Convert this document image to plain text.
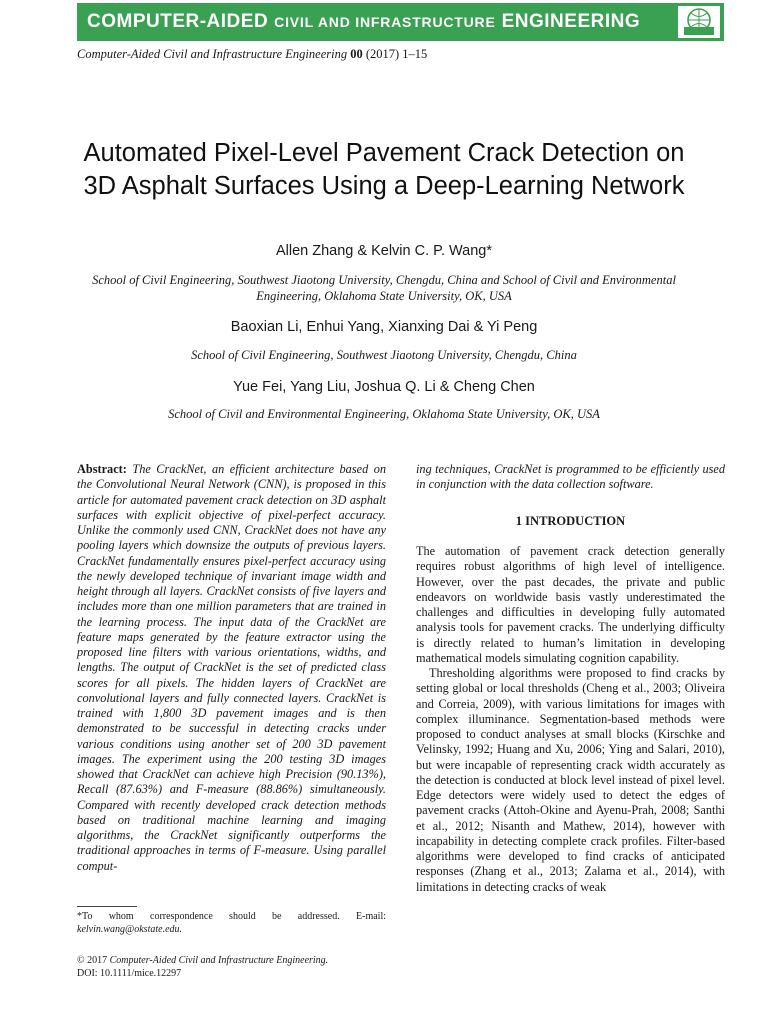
COMPUTER-AIDED CIVIL AND INFRASTRUCTURE ENGINEERING
Computer-Aided Civil and Infrastructure Engineering 00 (2017) 1–15
Automated Pixel-Level Pavement Crack Detection on
3D Asphalt Surfaces Using a Deep-Learning Network
Allen Zhang & Kelvin C. P. Wang*
School of Civil Engineering, Southwest Jiaotong University, Chengdu, China and School of Civil and Environmental Engineering, Oklahoma State University, OK, USA
Baoxian Li, Enhui Yang, Xianxing Dai & Yi Peng
School of Civil Engineering, Southwest Jiaotong University, Chengdu, China
Yue Fei, Yang Liu, Joshua Q. Li & Cheng Chen
School of Civil and Environmental Engineering, Oklahoma State University, OK, USA
Abstract: The CrackNet, an efficient architecture based on the Convolutional Neural Network (CNN), is proposed in this article for automated pavement crack detection on 3D asphalt surfaces with explicit objective of pixel-perfect accuracy. Unlike the commonly used CNN, CrackNet does not have any pooling layers which downsize the outputs of previous layers. CrackNet fundamentally ensures pixel-perfect accuracy using the newly developed technique of invariant image width and height through all layers. CrackNet consists of five layers and includes more than one million parameters that are trained in the learning process. The input data of the CrackNet are feature maps generated by the feature extractor using the proposed line filters with various orientations, widths, and lengths. The output of CrackNet is the set of predicted class scores for all pixels. The hidden layers of CrackNet are convolutional layers and fully connected layers. CrackNet is trained with 1,800 3D pavement images and is then demonstrated to be successful in detecting cracks under various conditions using another set of 200 3D pavement images. The experiment using the 200 testing 3D images showed that CrackNet can achieve high Precision (90.13%), Recall (87.63%) and F-measure (88.86%) simultaneously. Compared with recently developed crack detection methods based on traditional machine learning and imaging algorithms, the CrackNet significantly outperforms the traditional approaches in terms of F-measure. Using parallel comput-
ing techniques, CrackNet is programmed to be efficiently used in conjunction with the data collection software.
1 INTRODUCTION

The automation of pavement crack detection generally requires robust algorithms of high level of intelligence. However, over the past decades, the private and public endeavors on worldwide basis vastly underestimated the challenges and difficulties in developing fully automated analysis tools for pavement cracks. The underlying difficulty is directly related to human’s limitation in developing mathematical models simulating cognition capability.

Thresholding algorithms were proposed to find cracks by setting global or local thresholds (Cheng et al., 2003; Oliveira and Correia, 2009), with various limitations for images with complex illuminance. Segmentation-based methods were proposed to conduct analyses at small blocks (Kirschke and Velinsky, 1992; Huang and Xu, 2006; Ying and Salari, 2010), but were incapable of representing crack width accurately as the detection is conducted at block level instead of pixel level. Edge detectors were widely used to detect the edges of pavement cracks (Attoh-Okine and Ayenu-Prah, 2008; Santhi et al., 2012; Nisanth and Mathew, 2014), however with incapability in detecting complete crack profiles. Filter-based algorithms were developed to find cracks of anticipated responses (Zhang et al., 2013; Zalama et al., 2014), with limitations in detecting cracks of weak

*To whom correspondence should be addressed. E-mail: kelvin.wang@okstate.edu.
© 2017 Computer-Aided Civil and Infrastructure Engineering.
DOI: 10.1111/mice.12297
